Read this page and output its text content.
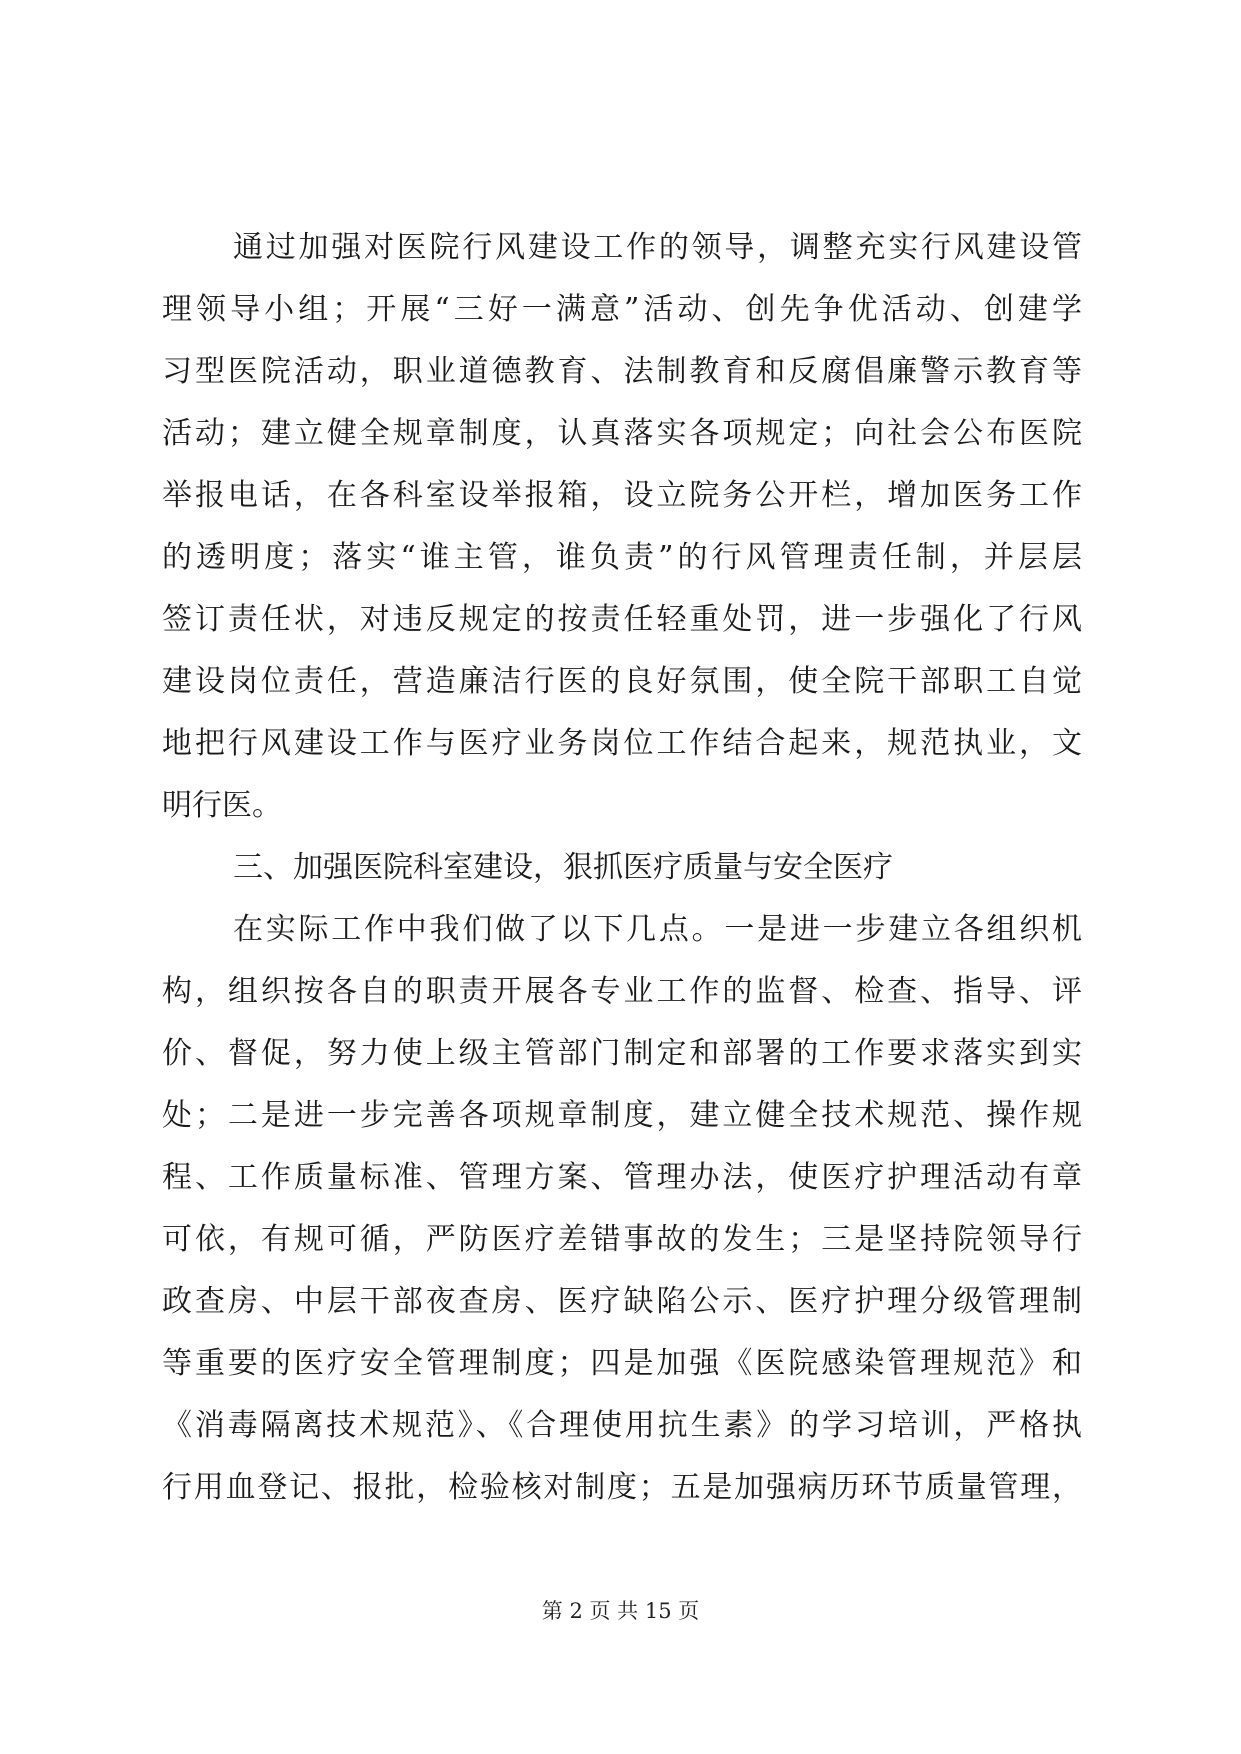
通过加强对医院行风建设工作的领导，调整充实行风建设管
理领导小组；开展“三好一满意”活动、创先争优活动、创建学
习型医院活动，职业道德教育、法制教育和反腐倡廉警示教育等
活动；建立健全规章制度，认真落实各项规定；向社会公布医院
举报电话，在各科室设举报箱，设立院务公开栏，增加医务工作
的透明度；落实“谁主管，谁负责”的行风管理责任制，并层层
签订责任状，对违反规定的按责任轻重处罚，进一步强化了行风
建设岗位责任，营造廉洁行医的良好氛围，使全院干部职工自觉
地把行风建设工作与医疗业务岗位工作结合起来，规范执业，文
明行医。
三、加强医院科室建设，狠抓医疗质量与安全医疗
在实际工作中我们做了以下几点。一是进一步建立各组织机
构，组织按各自的职责开展各专业工作的监督、检查、指导、评
价、督促，努力使上级主管部门制定和部署的工作要求落实到实
处；二是进一步完善各项规章制度，建立健全技术规范、操作规
程、工作质量标准、管理方案、管理办法，使医疗护理活动有章
可依，有规可循，严防医疗差错事故的发生；三是坚持院领导行
政查房、中层干部夜查房、医疗缺陷公示、医疗护理分级管理制
等重要的医疗安全管理制度；四是加强《医院感染管理规范》和
《消毒隔离技术规范》、《合理使用抗生素》的学习培训，严格执
行用血登记、报批，检验核对制度；五是加强病历环节质量管理，
第 2 页 共 15 页
